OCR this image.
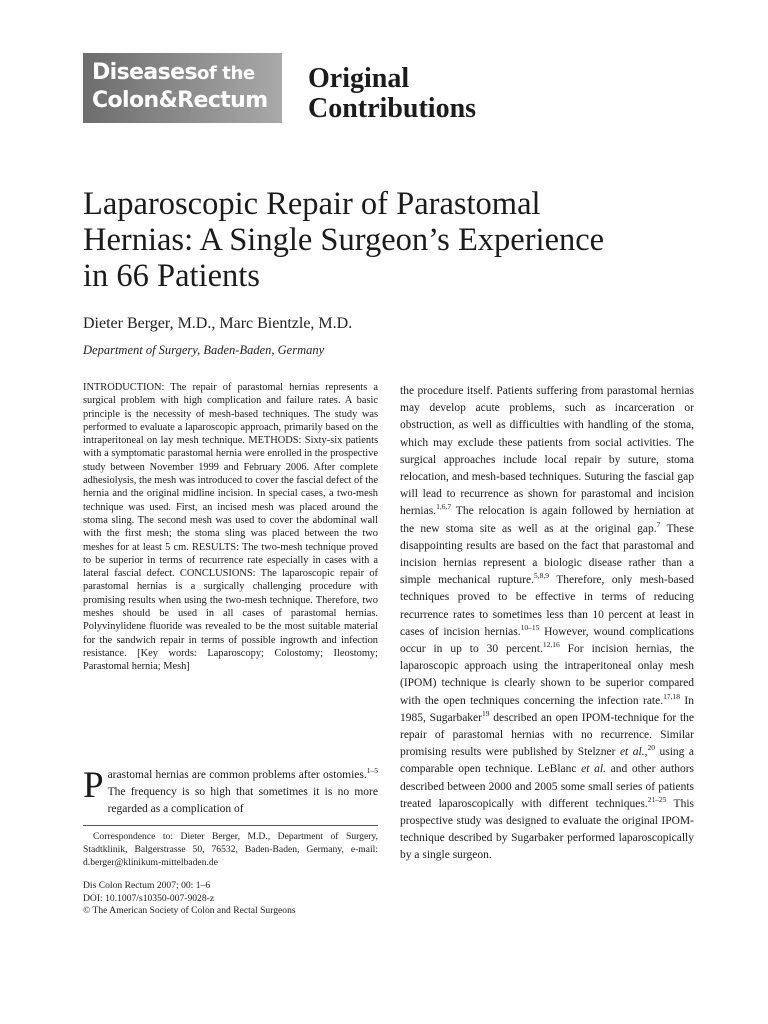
Diseasesof the
Colon&Rectum
Original
Contributions
Laparoscopic Repair of Parastomal
Hernias: A Single Surgeon’s Experience
in 66 Patients
Dieter Berger, M.D., Marc Bientzle, M.D.
Department of Surgery, Baden-Baden, Germany

INTRODUCTION: The repair of parastomal hernias represents a surgical problem with high complication and failure rates. A basic principle is the necessity of mesh-based techniques. The study was performed to evaluate a laparoscopic approach, primarily based on the intraperitoneal on lay mesh technique. METHODS: Sixty-six patients with a symptomatic parastomal hernia were enrolled in the prospective study between November 1999 and February 2006. After complete adhesiolysis, the mesh was introduced to cover the fascial defect of the hernia and the original midline incision. In special cases, a two-mesh technique was used. First, an incised mesh was placed around the stoma sling. The second mesh was used to cover the abdominal wall with the first mesh; the stoma sling was placed between the two meshes for at least 5 cm. RESULTS: The two-mesh technique proved to be superior in terms of recurrence rate especially in cases with a lateral fascial defect. CONCLUSIONS: The laparoscopic repair of parastomal hernias is a surgically challenging procedure with promising results when using the two-mesh technique. Therefore, two meshes should be used in all cases of parastomal hernias. Polyvinylidene fluoride was revealed to be the most suitable material for the sandwich repair in terms of possible ingrowth and infection resistance. [Key words: Laparoscopy; Colostomy; Ileostomy; Parastomal hernia; Mesh]

Parastomal hernias are common problems after ostomies.$^{1-5}$ The frequency is so high that sometimes it is no more regarded as a complication of

Correspondence to: Dieter Berger, M.D., Department of Surgery, Stadtklinik, Balgerstrasse 50, 76532, Baden-Baden, Germany, e-mail: d.berger@klinikum-mittelbaden.de

Dis Colon Rectum 2007; 00: 1–6
DOI: 10.1007/s10350-007-9028-z
© The American Society of Colon and Rectal Surgeons

the procedure itself. Patients suffering from parastomal hernias may develop acute problems, such as incarceration or obstruction, as well as difficulties with handling of the stoma, which may exclude these patients from social activities. The surgical approaches include local repair by suture, stoma relocation, and mesh-based techniques. Suturing the fascial gap will lead to recurrence as shown for parastomal and incision hernias.$^{1,6,7}$ The relocation is again followed by herniation at the new stoma site as well as at the original gap.$^7$ These disappointing results are based on the fact that parastomal and incision hernias represent a biologic disease rather than a simple mechanical rupture.$^{5,8,9}$ Therefore, only mesh-based techniques proved to be effective in terms of reducing recurrence rates to sometimes less than 10 percent at least in cases of incision hernias.$^{10-15}$ However, wound complications occur in up to 30 percent.$^{12,16}$ For incision hernias, the laparoscopic approach using the intraperitoneal onlay mesh (IPOM) technique is clearly shown to be superior compared with the open techniques concerning the infection rate.$^{17,18}$ In 1985, Sugarbaker$^{19}$ described an open IPOM-technique for the repair of parastomal hernias with no recurrence. Similar promising results were published by Stelzner et al.,$^{20}$ using a comparable open technique. LeBlanc et al. and other authors described between 2000 and 2005 some small series of patients treated laparoscopically with different techniques.$^{21-25}$ This prospective study was designed to evaluate the original IPOM-technique described by Sugarbaker performed laparoscopically by a single surgeon.
